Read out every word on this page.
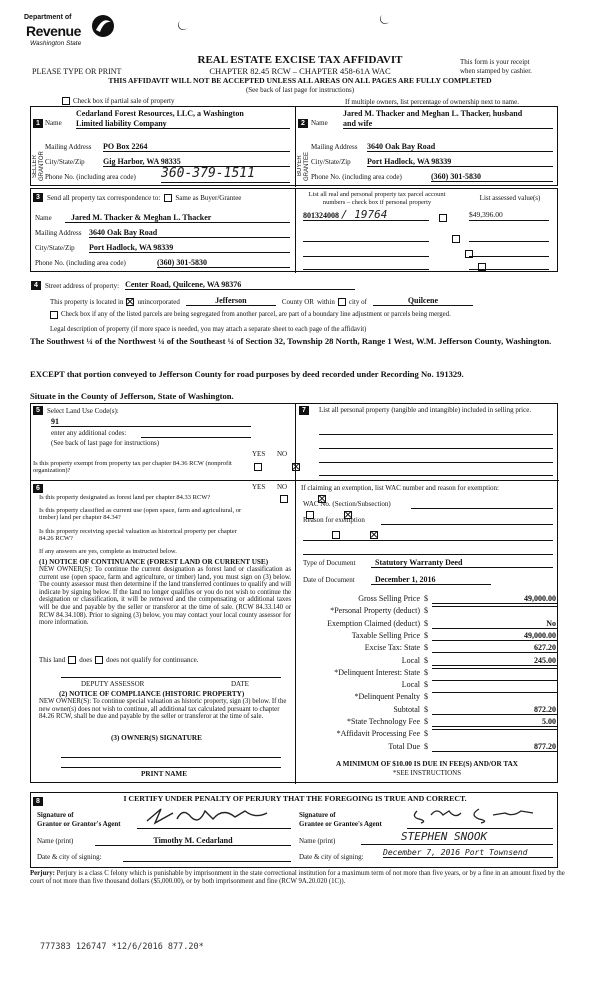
Department of
Revenue
Washington State
REAL ESTATE EXCISE TAX AFFIDAVIT
PLEASE TYPE OR PRINT	CHAPTER 82.45 RCW – CHAPTER 458-61A WAC
This form is your receipt
when stamped by cashier.
THIS AFFIDAVIT WILL NOT BE ACCEPTED UNLESS ALL AREAS ON ALL PAGES ARE FULLY COMPLETED
(See back of last page for instructions)
Check box if partial sale of property	If multiple owners, list percentage of ownership next to name.
SELLER GRANTOR
1
Cedarland Forest Resources, LLC, a Washington
Name Limited liability Company
Mailing Address PO Box 2264
City/State/Zip Gig Harbor, WA 98335
Phone No. (including area code) 360-379-1511	BUYER GRANTEE
2
Jared M. Thacker and Meghan L. Thacker, husband
Name and wife
Mailing Address 3640 Oak Bay Road
City/State/Zip Port Hadlock, WA 98339
Phone No. (including area code)	(360) 301-5830
3	Send all property tax correspondence to: Same as Buyer/Grantee
Name	Jared M. Thacker & Meghan L. Thacker
Mailing Address 3640 Oak Bay Road
City/State/Zip Port Hadlock, WA 98339
Phone No. (including area code)	(360) 301-5830
List all real and personal property tax parcel account
numbers – check box if personal property
List assessed value(s)
801324008 / 19764
	$49,396.00

4	Street address of property: Center Road, Quilcene, WA 98376
This property is located in unincorporated	Jefferson	County OR within city of	Quilcene
Check box if any of the listed parcels are being segregated from another parcel, are part of a boundary line adjustment or parcels being merged.
Legal description of property (if more space is needed, you may attach a separate sheet to each page of the affidavit)
The Southwest ¼ of the Northwest ¼ of the Southeast ¼ of Section 32, Township 28 North, Range 1 West, W.M. Jefferson County, Washington.
EXCEPT that portion conveyed to Jefferson County for road purposes by deed recorded under Recording No. 191329.
Situate in the County of Jefferson, State of Washington.
5	Select Land Use Code(s):
91
enter any additional codes:
(See back of last page for instructions)
YES NO
Is this property exempt from property tax per chapter 84.36 RCW (nonprofit organization)?

7	List all personal property (tangible and intangible) included in selling price.
6	YES NO
Is this property designated as forest land per chapter 84.33 RCW?

Is this property classified as current use (open space, farm and agricultural, or timber) land per chapter 84.34?

Is this property receiving special valuation as historical property per chapter 84.26 RCW?

If any answers are yes, complete as instructed below.
(1) NOTICE OF CONTINUANCE (FOREST LAND OR CURRENT USE)
NEW OWNER(S): To continue the current designation as forest land or classification as current use (open space, farm and agriculture, or timber) land, you must sign on (3) below. The county assessor must then determine if the land transferred continues to qualify and will indicate by signing below. If the land no longer qualifies or you do not wish to continue the designation or classification, it will be removed and the compensating or additional taxes will be due and payable by the seller or transferor at the time of sale. (RCW 84.33.140 or RCW 84.34.108). Prior to signing (3) below, you may contact your local county assessor for more information.
This land does does not qualify for continuance.
DEPUTY ASSESSOR	DATE
(2) NOTICE OF COMPLIANCE (HISTORIC PROPERTY)
NEW OWNER(S): To continue special valuation as historic property, sign (3) below. If the new owner(s) does not wish to continue, all additional tax calculated pursuant to chapter 84.26 RCW, shall be due and payable by the seller or transferor at the time of sale.
(3) OWNER(S) SIGNATURE
PRINT NAME
If claiming an exemption, list WAC number and reason for exemption:
WAC No. (Section/Subsection)
Reason for exemption
Type of Document	Statutory Warranty Deed
Date of Document	December 1, 2016
A MINIMUM OF $10.00 IS DUE IN FEE(S) AND/OR TAX
*SEE INSTRUCTIONS
Gross Selling Price $	49,000.00
*Personal Property (deduct) $
Exemption Claimed (deduct) $	No
Taxable Selling Price $	49,000.00
Excise Tax: State $	627.20
Local $	245.00
*Delinquent Interest: State $
Local $
*Delinquent Penalty $
Subtotal $	872.20
*State Technology Fee $	5.00
*Affidavit Processing Fee $
Total Due $	877.20
8	I CERTIFY UNDER PENALTY OF PERJURY THAT THE FOREGOING IS TRUE AND CORRECT.
Signature of
Grantor or Grantor's Agent
Name (print)	Timothy M. Cedarland
Date & city of signing:
Signature of
Grantee or Grantee's Agent
Name (print)	STEPHEN SNOOK
Date & city of signing: December 7, 2016 Port Townsend
Perjury: Perjury is a class C felony which is punishable by imprisonment in the state correctional institution for a maximum term of not more than five years, or by a fine in an amount fixed by the court of not more than five thousand dollars ($5,000.00), or by both imprisonment and fine (RCW 9A.20.020 (1C)).
777383 126747 *12/6/2016 877.20*
